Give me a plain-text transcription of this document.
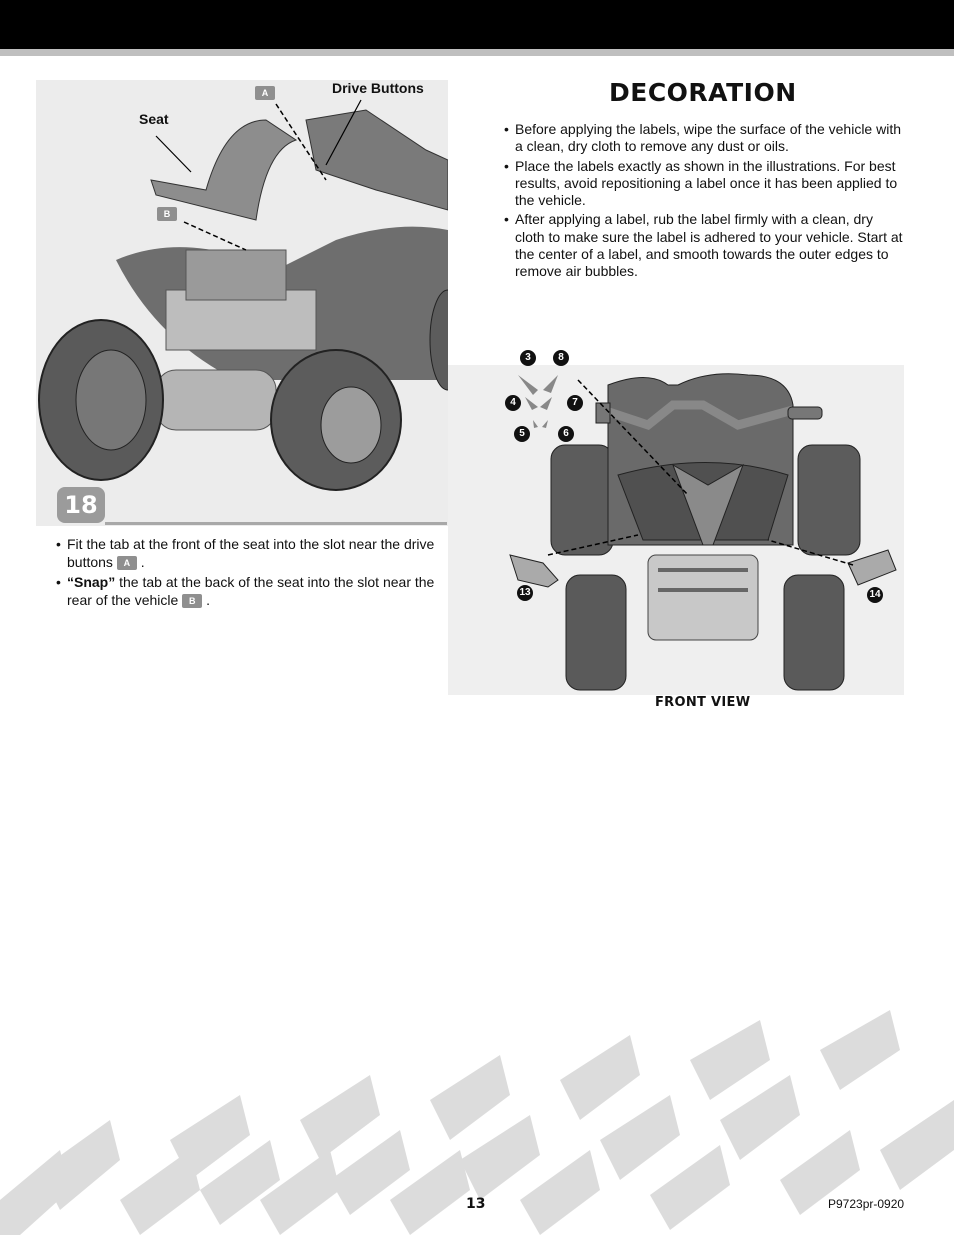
Seat
Drive Buttons
A
B
18
• Fit the tab at the front of the seat into the slot near the drive buttons A .
• “Snap” the tab at the back of the seat into the slot near the rear of the vehicle B .
DECORATION
• Before applying the labels, wipe the surface of the vehicle with a clean, dry cloth to remove any dust or oils.
• Place the labels exactly as shown in the illustrations. For best results, avoid repositioning a label once it has been applied to the vehicle.
• After applying a label, rub the label firmly with a clean, dry cloth to make sure the label is adhered to your vehicle. Start at the center of a label, and smooth towards the outer edges to remove air bubbles.
3	8
4	7
5	6
13	14
FRONT VIEW
13	P9723pr-0920
